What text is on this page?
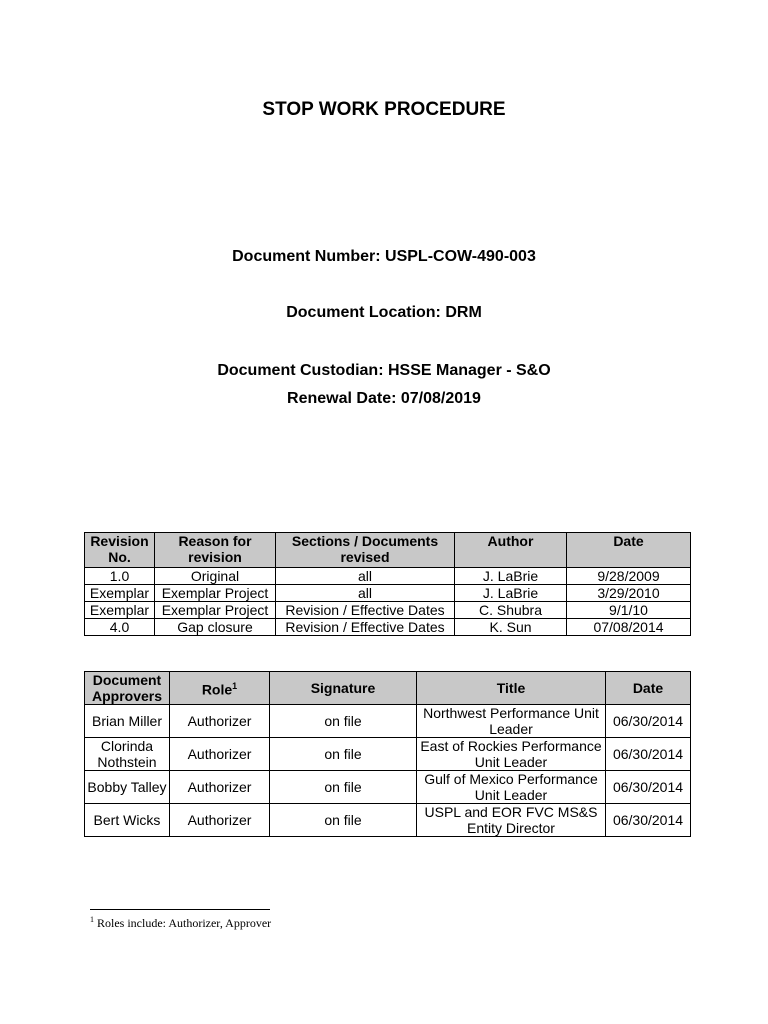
STOP WORK PROCEDURE
Document Number: USPL-COW-490-003
Document Location: DRM
Document Custodian: HSSE Manager - S&O
Renewal Date: 07/08/2019
Revision No.	Reason for revision	Sections / Documents revised	Author	Date
1.0	Original	all	J. LaBrie	9/28/2009
Exemplar	Exemplar Project	all	J. LaBrie	3/29/2010
Exemplar	Exemplar Project	Revision / Effective Dates	C. Shubra	9/1/10
4.0	Gap closure	Revision / Effective Dates	K. Sun	07/08/2014
Document Approvers	Role$^1$	Signature	Title	Date
Brian Miller	Authorizer	on file	Northwest Performance Unit Leader	06/30/2014
Clorinda Nothstein	Authorizer	on file	East of Rockies Performance Unit Leader	06/30/2014
Bobby Talley	Authorizer	on file	Gulf of Mexico Performance Unit Leader	06/30/2014
Bert Wicks	Authorizer	on file	USPL and EOR FVC MS&S Entity Director	06/30/2014
$^1$ Roles include: Authorizer, Approver
